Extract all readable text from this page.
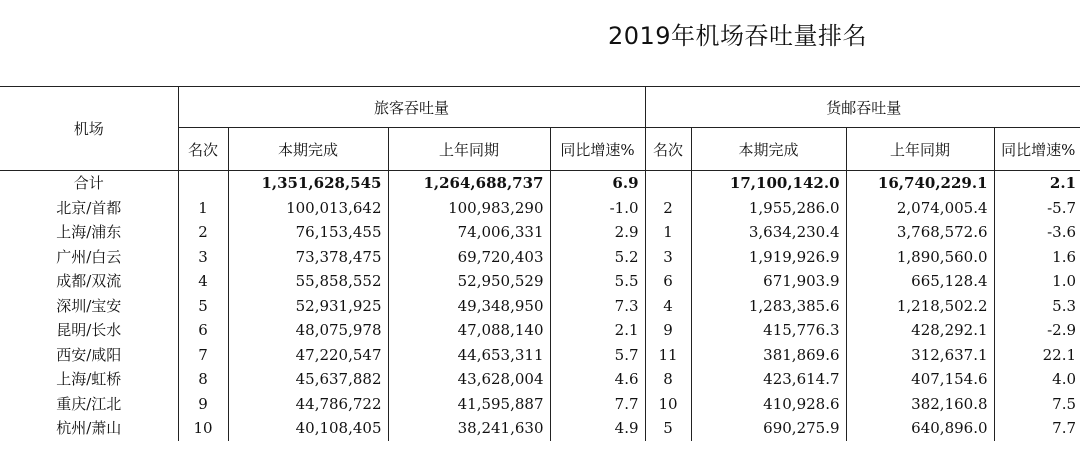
2019年机场吞吐量排名
机场	旅客吞吐量				货邮吞吐量			
	名次	本期完成	上年同期	同比增速%	名次	本期完成	上年同期	同比增速%
合计		1,351,628,545	1,264,688,737	6.9		17,100,142.0	16,740,229.1	2.1
北京/首都	1	100,013,642	100,983,290	-1.0	2	1,955,286.0	2,074,005.4	-5.7
上海/浦东	2	76,153,455	74,006,331	2.9	1	3,634,230.4	3,768,572.6	-3.6
广州/白云	3	73,378,475	69,720,403	5.2	3	1,919,926.9	1,890,560.0	1.6
成都/双流	4	55,858,552	52,950,529	5.5	6	671,903.9	665,128.4	1.0
深圳/宝安	5	52,931,925	49,348,950	7.3	4	1,283,385.6	1,218,502.2	5.3
昆明/长水	6	48,075,978	47,088,140	2.1	9	415,776.3	428,292.1	-2.9
西安/咸阳	7	47,220,547	44,653,311	5.7	11	381,869.6	312,637.1	22.1
上海/虹桥	8	45,637,882	43,628,004	4.6	8	423,614.7	407,154.6	4.0
重庆/江北	9	44,786,722	41,595,887	7.7	10	410,928.6	382,160.8	7.5
杭州/萧山	10	40,108,405	38,241,630	4.9	5	690,275.9	640,896.0	7.7
